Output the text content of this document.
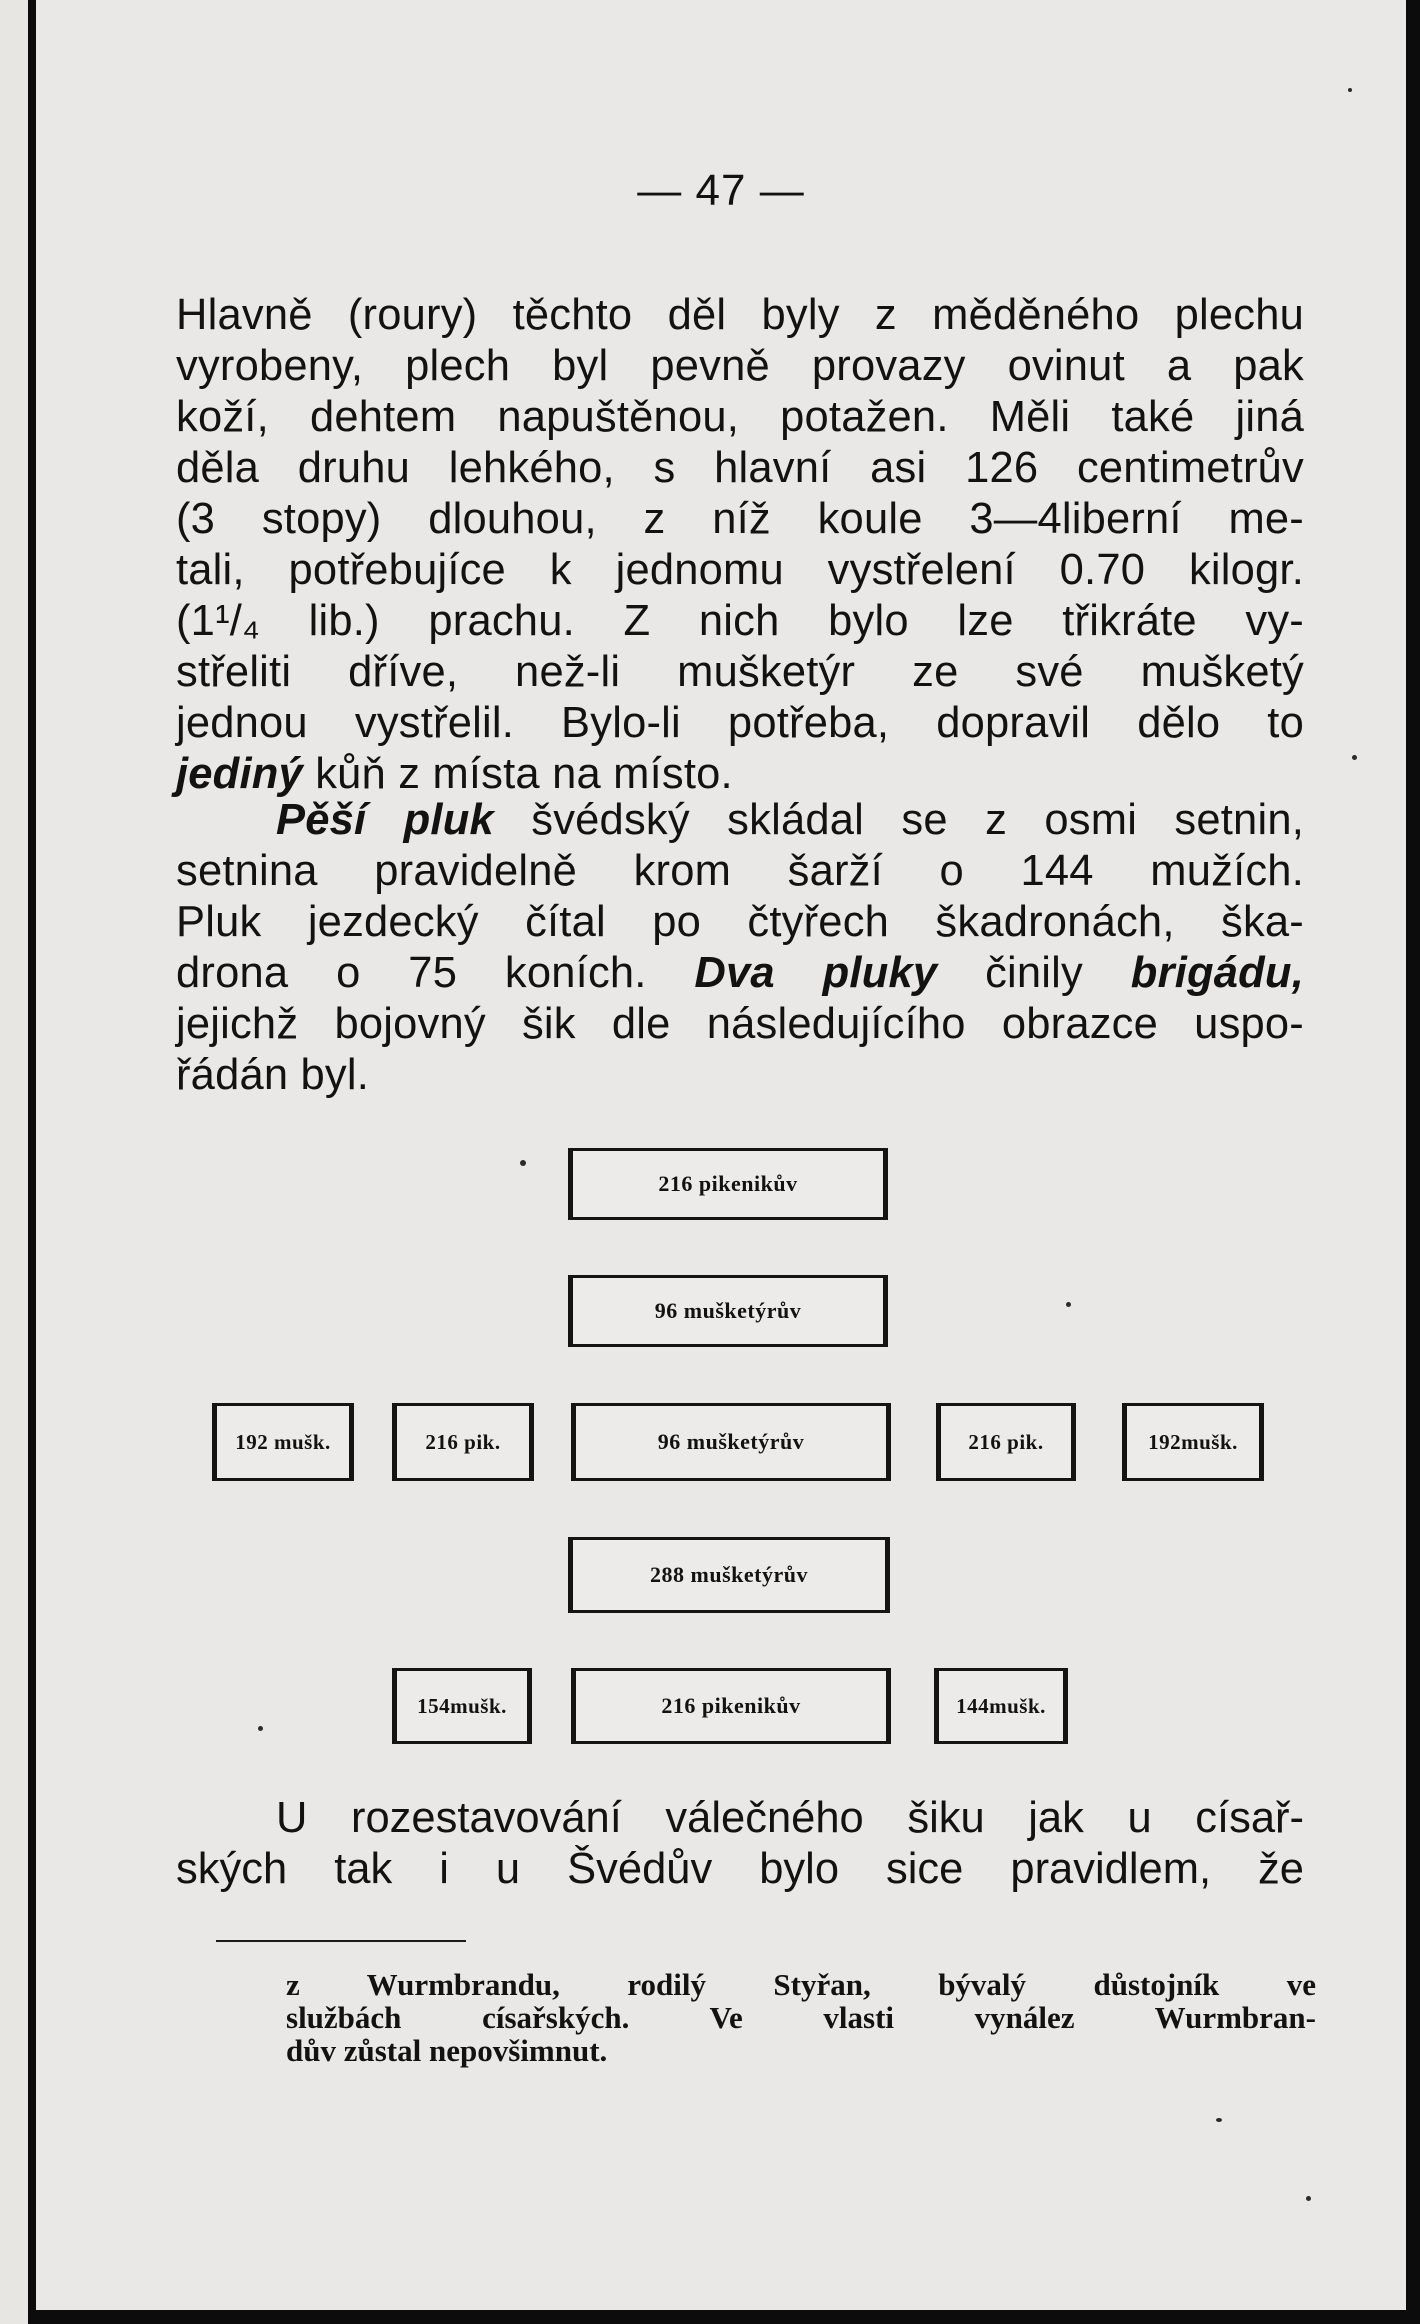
— 47 —
Hlavně (roury) těchto děl byly z měděného plechu
vyrobeny, plech byl pevně provazy ovinut a pak
koží, dehtem napuštěnou, potažen. Měli také jiná
děla druhu lehkého, s hlavní asi 126 centimetrův
(3 stopy) dlouhou, z níž koule 3—4liberní me-
tali, potřebujíce k jednomu vystřelení 0.70 kilogr.
(1¹/₄ lib.) prachu. Z nich bylo lze třikráte vy-
střeliti dříve, než-li mušketýr ze své mušketý
jednou vystřelil. Bylo-li potřeba, dopravil dělo to
jediný kůň z místa na místo.
Pěší pluk švédský skládal se z osmi setnin,
setnina pravidelně krom šarží o 144 mužích.
Pluk jezdecký čítal po čtyřech škadronách, ška-
drona o 75 koních. Dva pluky činily brigádu,
jejichž bojovný šik dle následujícího obrazce uspo-
řádán byl.
216 pikenikův
96 mušketýrův
192 mušk.	216 pik.	96 mušketýrův	216 pik.	192mušk.
288 mušketýrův
154mušk.	216 pikenikův	144mušk.
U rozestavování válečného šiku jak u císař-
ských tak i u Švédův bylo sice pravidlem, že
z Wurmbrandu, rodilý Styřan, bývalý důstojník ve
službách císařských. Ve vlasti vynález Wurmbran-
dův zůstal nepovšimnut.
